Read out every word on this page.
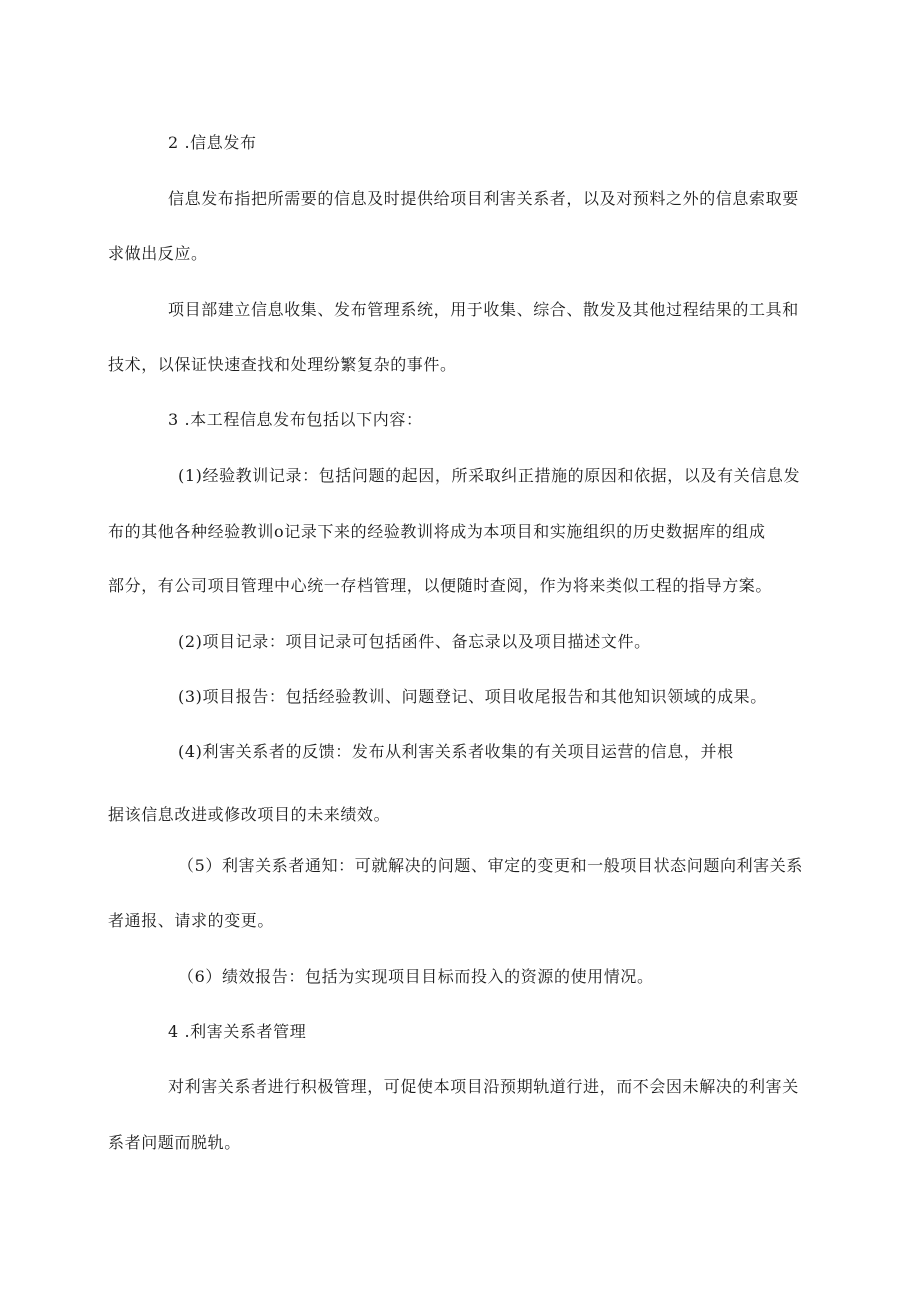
2 .信息发布
信息发布指把所需要的信息及时提供给项目利害关系者，以及对预料之外的信息索取要
求做出反应。
项目部建立信息收集、发布管理系统，用于收集、综合、散发及其他过程结果的工具和
技术，以保证快速查找和处理纷繁复杂的事件。
3 .本工程信息发布包括以下内容：
(1)经验教训记录：包括问题的起因，所采取纠正措施的原因和依据，以及有关信息发
布的其他各种经验教训o记录下来的经验教训将成为本项目和实施组织的历史数据库的组成
部分，有公司项目管理中心统一存档管理，以便随时查阅，作为将来类似工程的指导方案。
(2)项目记录：项目记录可包括函件、备忘录以及项目描述文件。
(3)项目报告：包括经验教训、问题登记、项目收尾报告和其他知识领域的成果。
(4)利害关系者的反馈：发布从利害关系者收集的有关项目运营的信息，并根
据该信息改进或修改项目的未来绩效。
（5）利害关系者通知：可就解决的问题、审定的变更和一般项目状态问题向利害关系
者通报、请求的变更。
（6）绩效报告：包括为实现项目目标而投入的资源的使用情况。
4 .利害关系者管理
对利害关系者进行积极管理，可促使本项目沿预期轨道行进，而不会因未解决的利害关
系者问题而脱轨。
